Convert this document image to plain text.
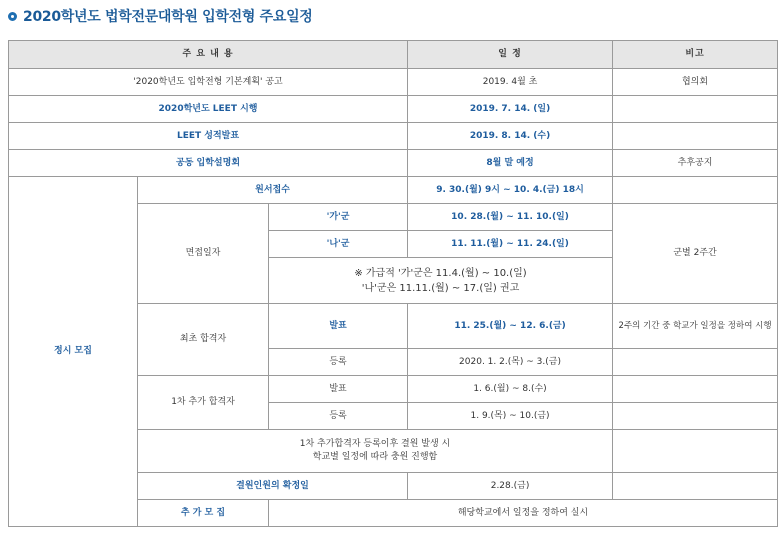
2020학년도 법학전문대학원 입학전형 주요일정
주 요 내 용			일 정	비고	
'2020학년도 입학전형 기본계획' 공고			2019. 4월 초	협의회	
2020학년도 LEET 시행			2019. 7. 14. (일)		
LEET 성적발표			2019. 8. 14. (수)		
공동 입학설명회			8월 말 예정	추후공지	
정시 모집	원서접수		9. 30.(월) 9시 ~ 10. 4.(금) 18시		
	면접일자	'가'군	10. 28.(월) ~ 11. 10.(일)	군별 2주간	
		'나'군	11. 11.(월) ~ 11. 24.(일)		

		※ 가급적 '가'군은 11.4.(월) ~ 10.(일)
'나'군은 11.11.(월) ~ 17.(일) 권고			

	최초 합격자	발표	11. 25.(월) ~ 12. 6.(금)	2주의 기간 중 학교가 일정을 정하여 시행	
		등록	2020. 1. 2.(목) ~ 3.(금)		
	1차 추가 합격자	발표	1. 6.(월) ~ 8.(수)		
		등록	1. 9.(목) ~ 10.(금)		

	1차 추가합격자 등록이후 결원 발생 시
학교별 일정에 따라 충원 진행함				

	결원인원의 확정일		2.28.(금)		
	추 가 모 집	해당학교에서 일정을 정하여 실시			
